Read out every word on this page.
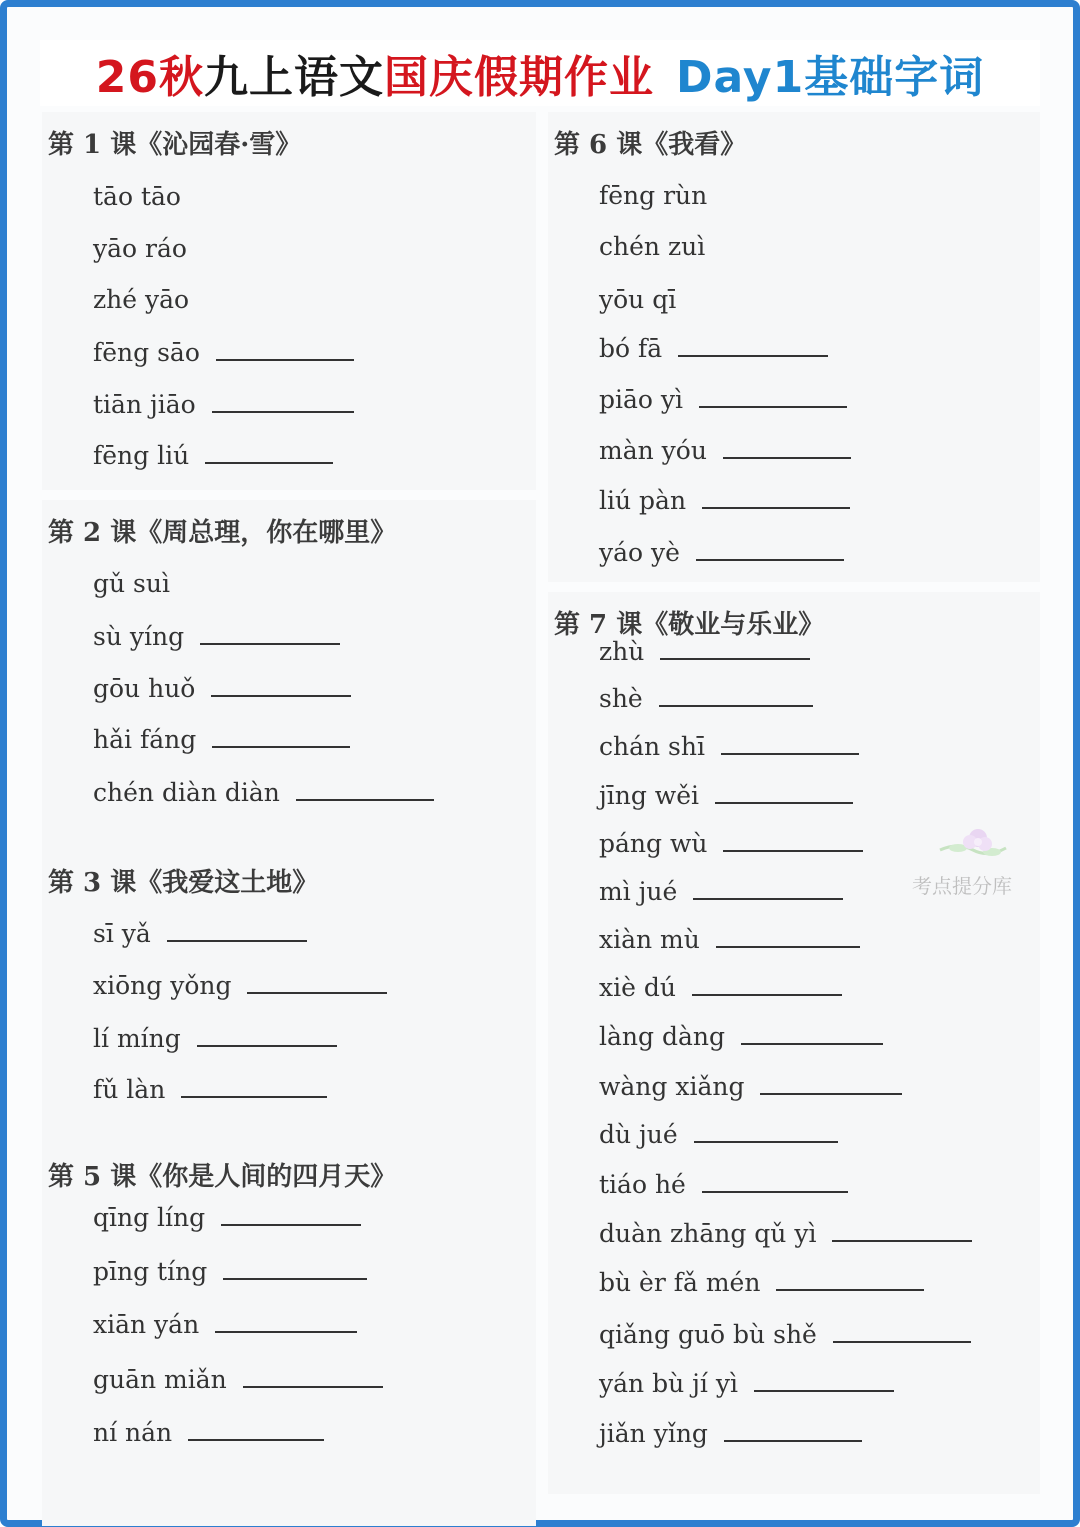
26秋 九上语文 国庆假期作业 Day1基础字词
第 1 课《沁园春·雪》
tāo tāo
yāo ráo
zhé yāo
fēng sāo
tiān jiāo
fēng liú
第 2 课《周总理，你在哪里》
gǔ suì
sù yíng
gōu huǒ
hǎi fáng
chén diàn diàn
第 3 课《我爱这土地》
sī yǎ
xiōng yǒng
lí míng
fǔ làn
第 5 课《你是人间的四月天》
qīng líng
pīng tíng
xiān yán
guān miǎn
ní nán
第 6 课《我看》
fēng rùn
chén zuì
yōu qī
bó fā
piāo yì
màn yóu
liú pàn
yáo yè
第 7 课《敬业与乐业》
zhù
shè
chán shī
jīng wěi
páng wù
mì jué
xiàn mù
xiè dú
làng dàng
wàng xiǎng
dù jué
tiáo hé
duàn zhāng qǔ yì
bù èr fǎ mén
qiǎng guō bù shě
yán bù jí yì
jiǎn yǐng
考点提分库
